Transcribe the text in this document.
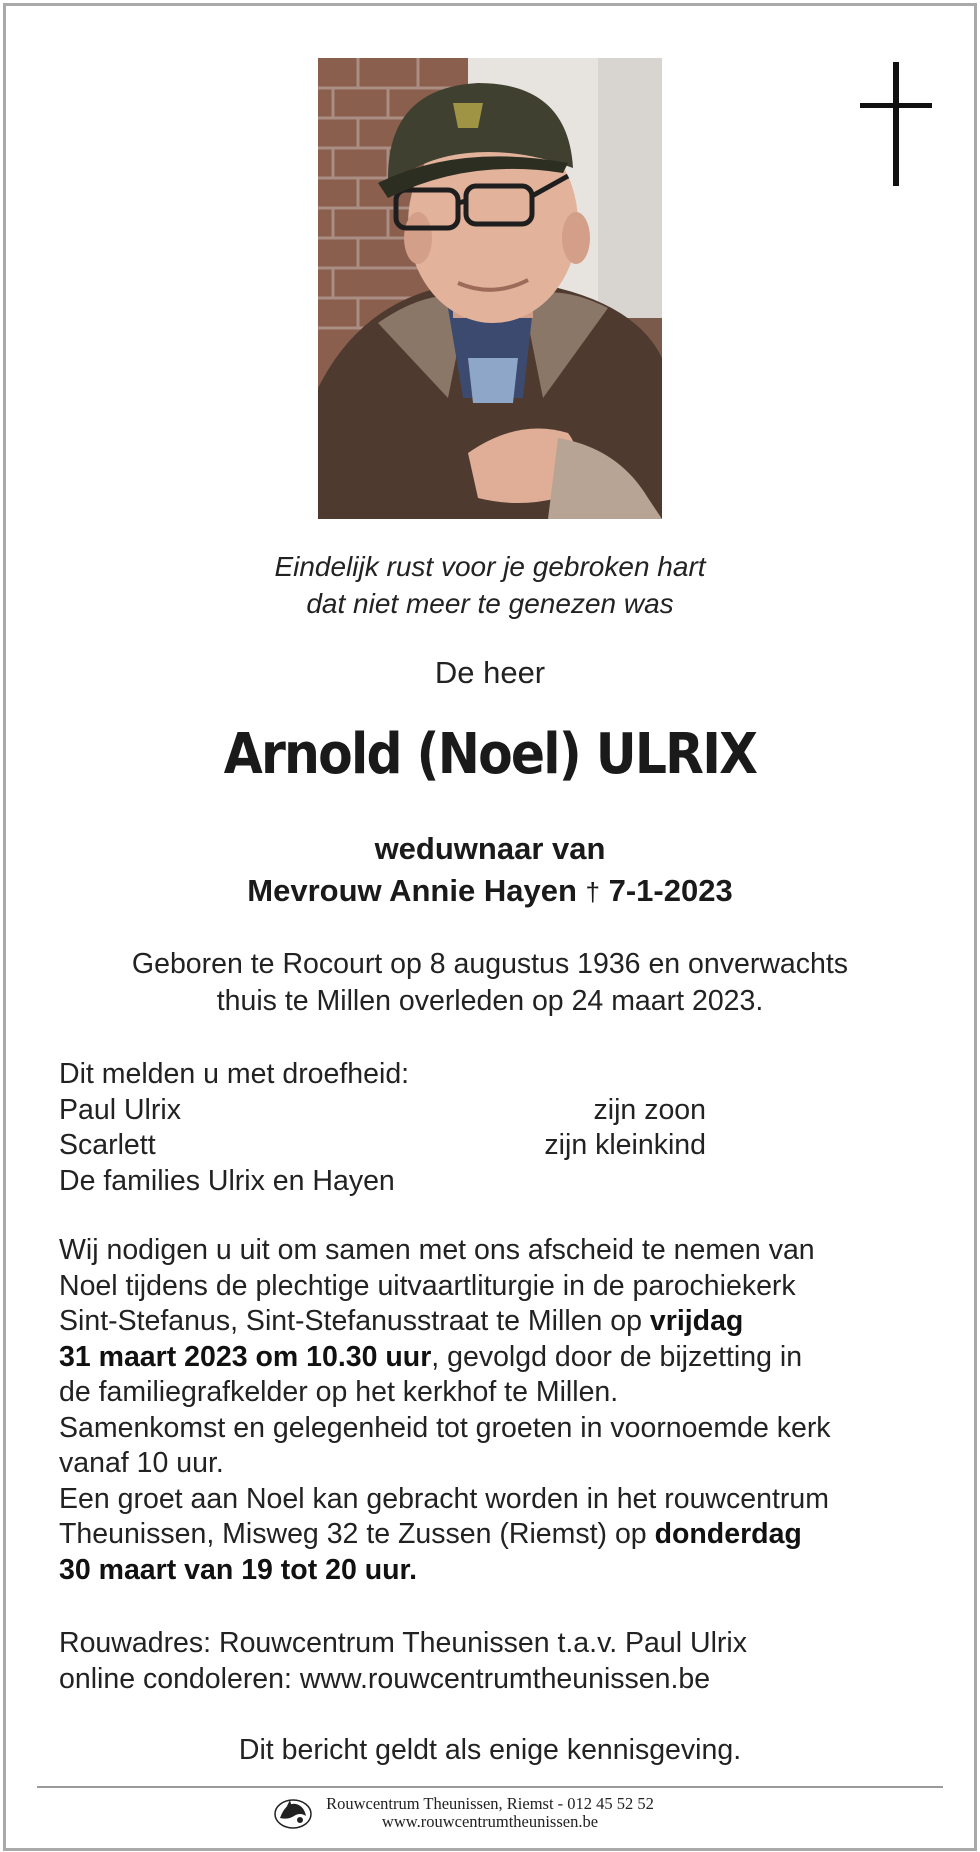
Eindelijk rust voor je gebroken hart
dat niet meer te genezen was
De heer
Arnold (Noel) ULRIX
weduwnaar van
Mevrouw Annie Hayen † 7-1-2023
Geboren te Rocourt op 8 augustus 1936 en onverwachts
thuis te Millen overleden op 24 maart 2023.
Dit melden u met droefheid:
Paul Ulrix	zijn zoon
Scarlett	zijn kleinkind
De families Ulrix en Hayen
Wij nodigen u uit om samen met ons afscheid te nemen van
Noel tijdens de plechtige uitvaartliturgie in de parochiekerk
Sint-Stefanus, Sint-Stefanusstraat te Millen op vrijdag
31 maart 2023 om 10.30 uur, gevolgd door de bijzetting in
de familiegrafkelder op het kerkhof te Millen.
Samenkomst en gelegenheid tot groeten in voornoemde kerk
vanaf 10 uur.
Een groet aan Noel kan gebracht worden in het rouwcentrum
Theunissen, Misweg 32 te Zussen (Riemst) op donderdag
30 maart van 19 tot 20 uur.
Rouwadres: Rouwcentrum Theunissen t.a.v. Paul Ulrix
online condoleren: www.rouwcentrumtheunissen.be
Dit bericht geldt als enige kennisgeving.
Rouwcentrum Theunissen, Riemst - 012 45 52 52
www.rouwcentrumtheunissen.be
